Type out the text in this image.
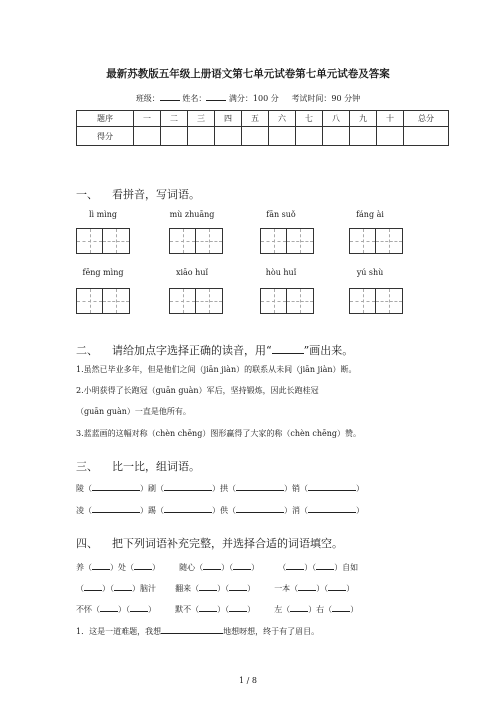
最新苏教版五年级上册语文第七单元试卷第七单元试卷及答案
班级：	姓名：	满分：100 分 考试时间：90 分钟
题序	一	二	三	四	五	六	七	八	九	十	总分
得分											
一、 看拼音，写词语。
lì mìng	mù zhuāng	fān suǒ	fáng ài
fēng mìng	xiāo huǐ	hòu huǐ	yú shù
二、 请给加点字选择正确的读音，用“	”画出来。
1.虽然已毕业多年，但是他们之间（jiān jiàn）的联系从未间（jiān jiàn）断。
2.小明获得了长跑冠（guān guàn）军后，坚持锻炼，因此长跑桂冠
（guān guàn）一直是他所有。
3.蓝蓝画的这幅对称（chèn chēng）图形赢得了大家的称（chèn chēng）赞。
三、 比一比，组词语。
陵（	）刷（	）拱（	）销（	）
凌（	）踢（	）供（	）消（	）
四、 把下列词语补充完整，并选择合适的词语填空。
养（ ）处（ ） 随心（ ）（ ） （ ）（ ）自如
（ ）（ ）脑汁 翻来（ ）（ ） 一本（ ）（ ）
不怀（ ）（ ） 默不（ ）（ ） 左（ ）右（ ）
1．这是一道难题，我想	地想呀想，终于有了眉目。
1 / 8
